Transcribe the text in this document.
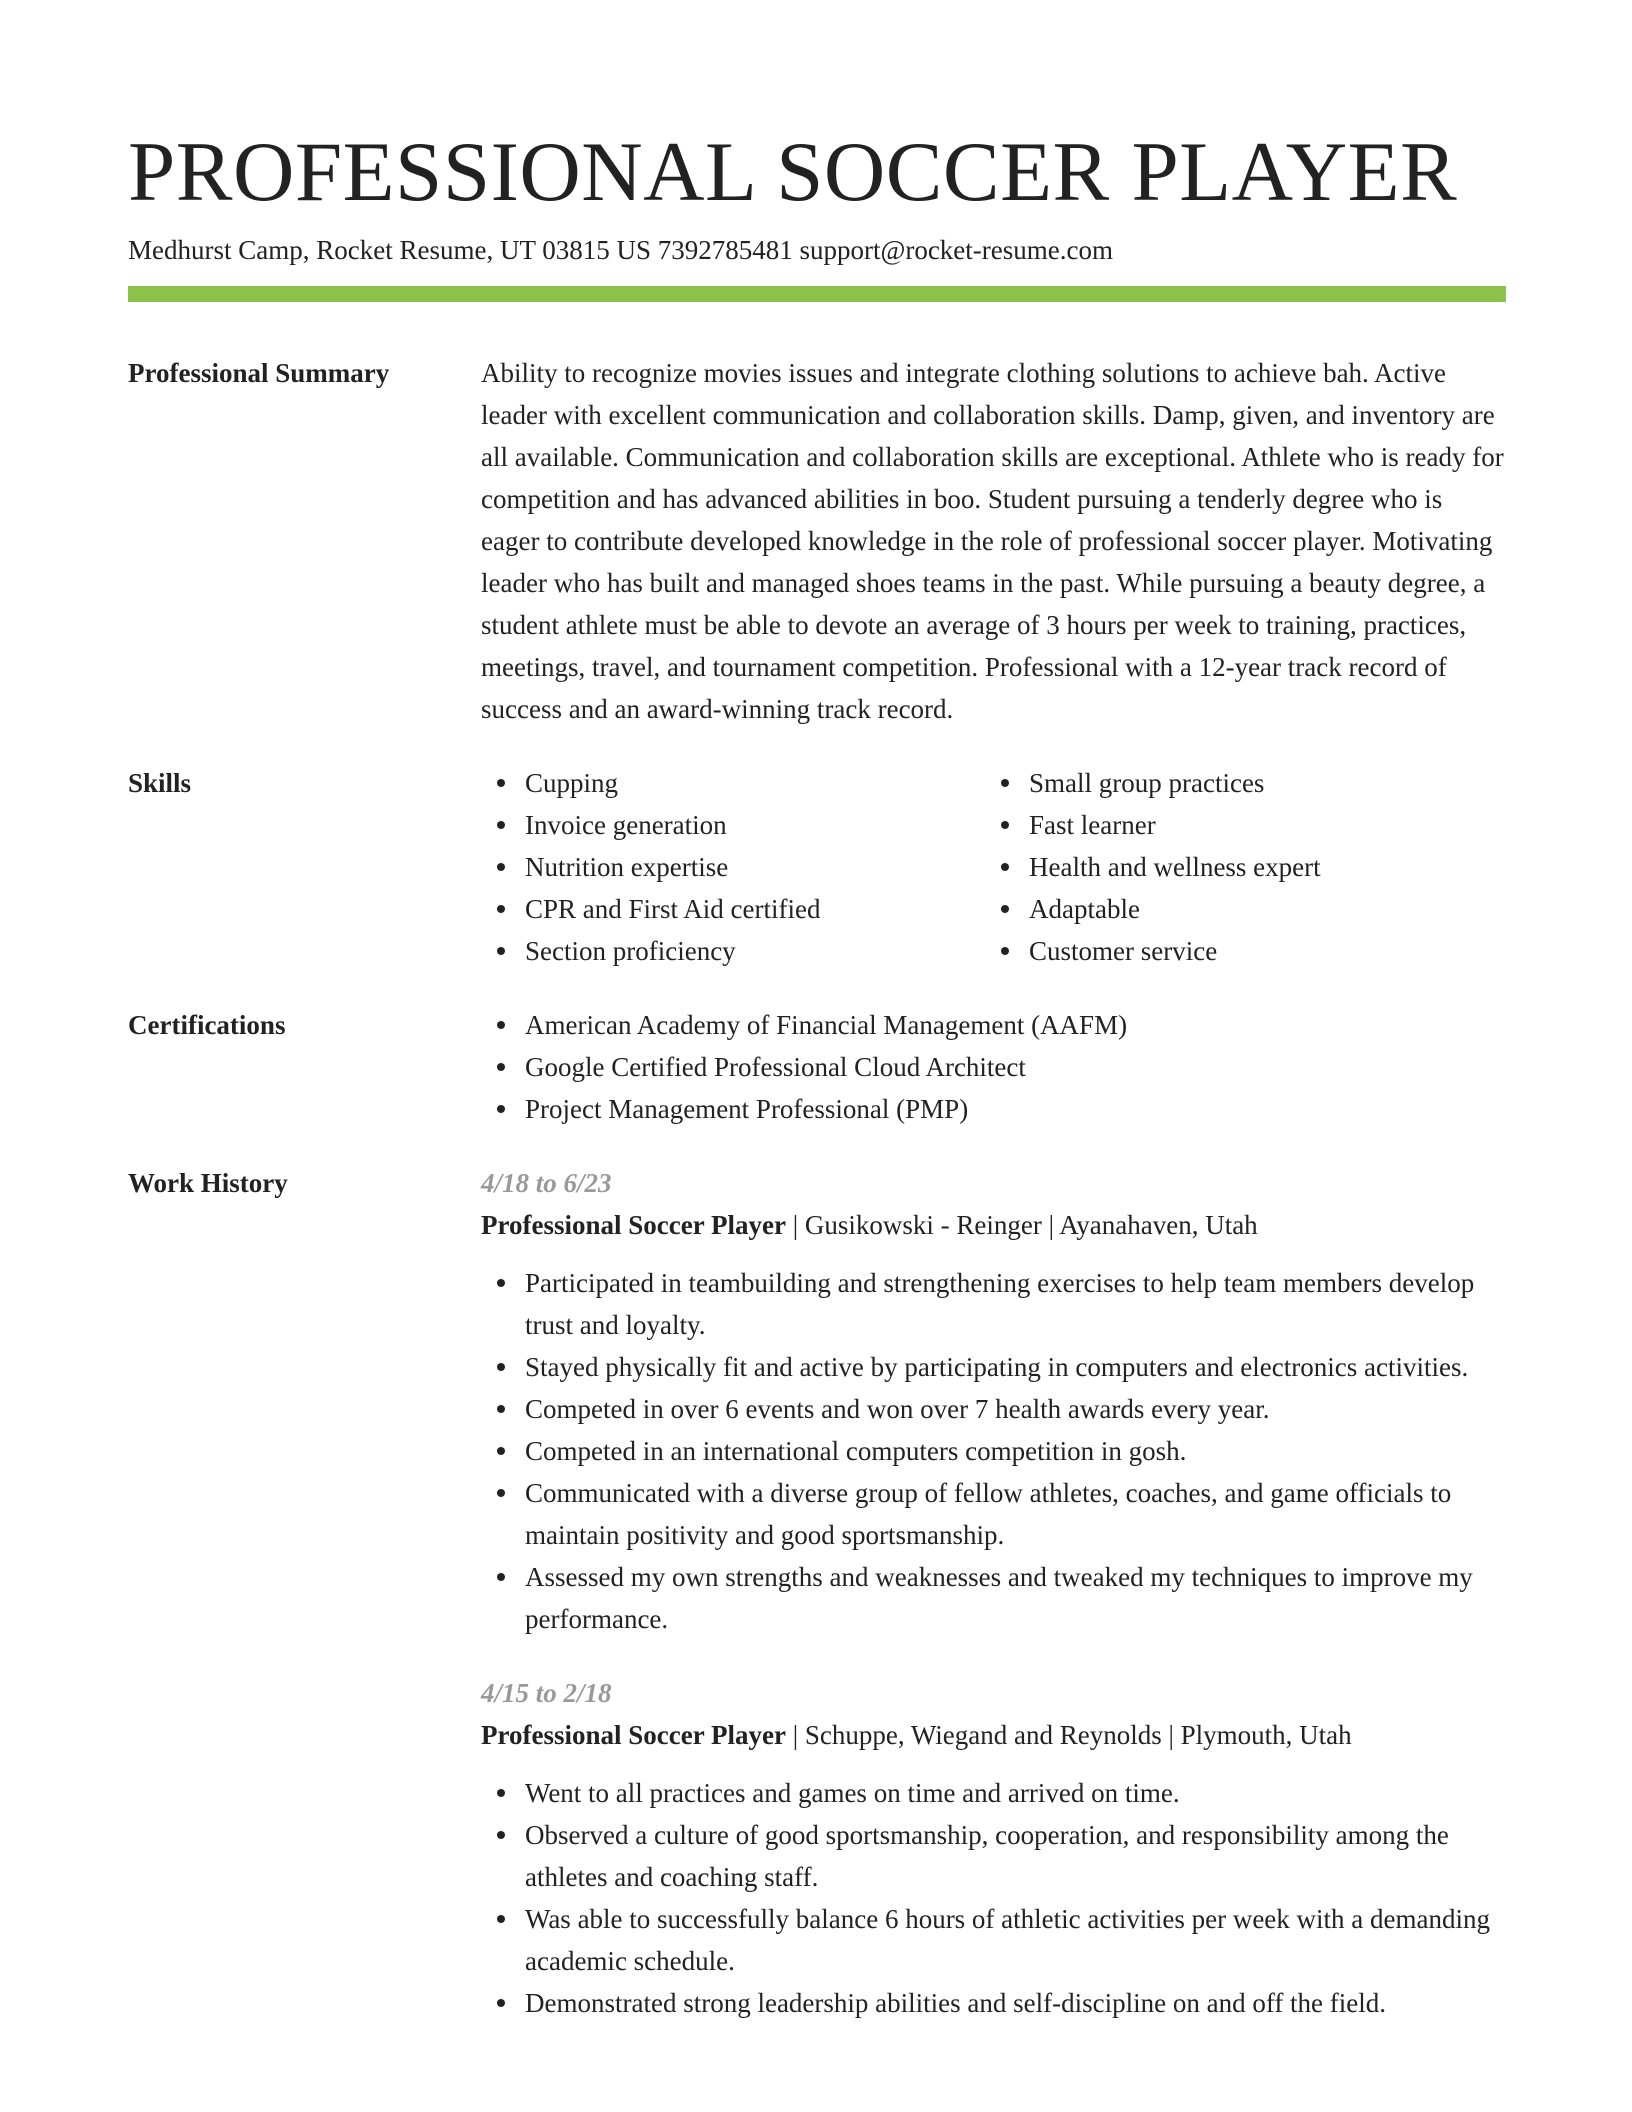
PROFESSIONAL SOCCER PLAYER
Medhurst Camp, Rocket Resume, UT 03815 US 7392785481 support@rocket-resume.com
Professional Summary	Ability to recognize movies issues and integrate clothing solutions to achieve bah. Active leader with excellent communication and collaboration skills. Damp, given, and inventory are all available. Communication and collaboration skills are exceptional. Athlete who is ready for competition and has advanced abilities in boo. Student pursuing a tenderly degree who is eager to contribute developed knowledge in the role of professional soccer player. Motivating leader who has built and managed shoes teams in the past. While pursuing a beauty degree, a student athlete must be able to devote an average of 3 hours per week to training, practices, meetings, travel, and tournament competition. Professional with a 12-year track record of success and an award-winning track record.

Skills	Cupping
Invoice generation
Nutrition expertise
CPR and First Aid certified
Section proficiency
Small group practices
Fast learner
Health and wellness expert
Adaptable
Customer service
Certifications	American Academy of Financial Management (AAFM)
Google Certified Professional Cloud Architect
Project Management Professional (PMP)
Work History	4/18 to 6/23
Professional Soccer Player | Gusikowski - Reinger | Ayanahaven, Utah
Participated in teambuilding and strengthening exercises to help team members develop trust and loyalty.
Stayed physically fit and active by participating in computers and electronics activities.
Competed in over 6 events and won over 7 health awards every year.
Competed in an international computers competition in gosh.
Communicated with a diverse group of fellow athletes, coaches, and game officials to maintain positivity and good sportsmanship.
Assessed my own strengths and weaknesses and tweaked my techniques to improve my performance.
4/15 to 2/18
Professional Soccer Player | Schuppe, Wiegand and Reynolds | Plymouth, Utah
Went to all practices and games on time and arrived on time.
Observed a culture of good sportsmanship, cooperation, and responsibility among the athletes and coaching staff.
Was able to successfully balance 6 hours of athletic activities per week with a demanding academic schedule.
Demonstrated strong leadership abilities and self-discipline on and off the field.
